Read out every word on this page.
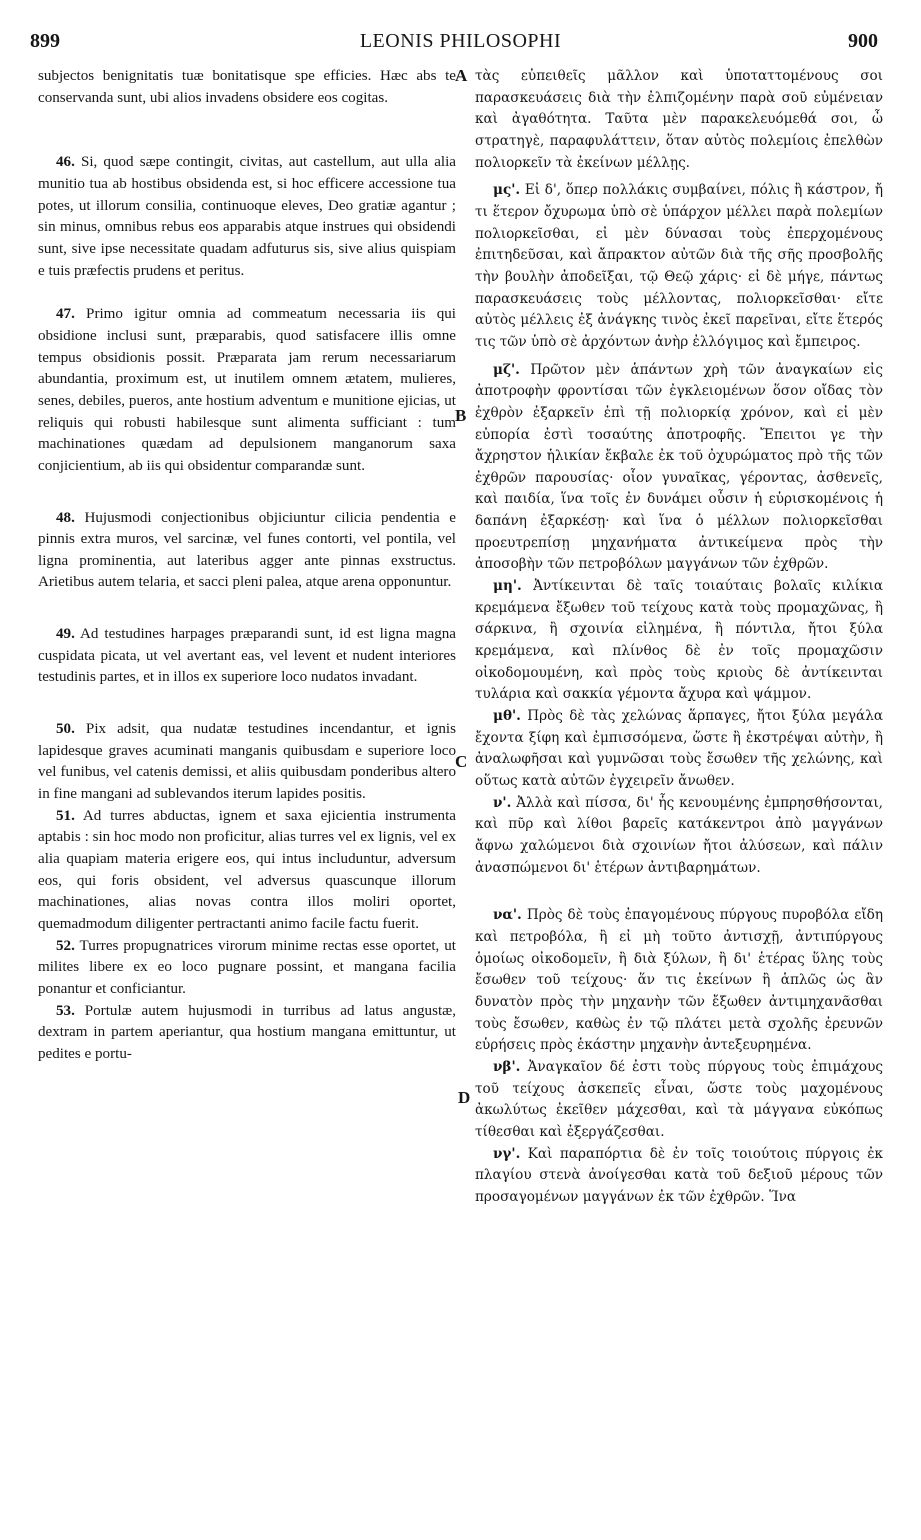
899	LEONIS PHILOSOPHI	900

subjectos benignitatis tuæ bonitatisque spe efficies. Hæc abs te conservanda sunt, ubi alios invadens obsidere eos cogitas.

46. Si, quod sæpe contingit, civitas, aut castellum, aut ulla alia munitio tua ab hostibus obsidenda est, si hoc efficere accessione tua potes, ut illorum consilia, continuoque eleves, Deo gratiæ agantur ; sin minus, omnibus rebus eos apparabis atque instrues qui obsidendi sunt, sive ipse necessitate quadam adfuturus sis, sive alius quispiam e tuis præfectis prudens et peritus.

47. Primo igitur omnia ad commeatum necessaria iis qui obsidione inclusi sunt, præparabis, quod satisfacere illis omne tempus obsidionis possit. Præparata jam rerum necessariarum abundantia, proximum est, ut inutilem omnem ætatem, mulieres, senes, debiles, pueros, ante hostium adventum e munitione ejicias, ut reliquis qui robusti habilesque sunt alimenta sufficiant : tum machinationes quædam ad depulsionem manganorum saxa conjicientium, ab iis qui obsidentur comparandæ sunt.

48. Hujusmodi conjectionibus objiciuntur cilicia pendentia e pinnis extra muros, vel sarcinæ, vel funes contorti, vel pontila, vel ligna prominentia, aut lateribus agger ante pinnas exstructus. Arietibus autem telaria, et sacci pleni palea, atque arena opponuntur.

49. Ad testudines harpages præparandi sunt, id est ligna magna cuspidata picata, ut vel avertant eas, vel levent et nudent interiores testudinis partes, et in illos ex superiore loco nudatos invadant.

50. Pix adsit, qua nudatæ testudines incendantur, et ignis lapidesque graves acuminati manganis quibusdam e superiore loco vel funibus, vel catenis demissi, et aliis quibusdam ponderibus altero in fine mangani ad sublevandos iterum lapides positis.

51. Ad turres abductas, ignem et saxa ejicientia instrumenta aptabis : sin hoc modo non proficitur, alias turres vel ex lignis, vel ex alia quapiam materia erigere eos, qui intus includuntur, adversum eos, qui foris obsident, vel adversus quascunque illorum machinationes, alias novas contra illos moliri oportet, quemadmodum diligenter pertractanti animo facile factu fuerit.

52. Turres propugnatrices virorum minime rectas esse oportet, ut milites libere ex eo loco pugnare possint, et mangana facilia ponantur et conficiantur.

53. Portulæ autem hujusmodi in turribus ad latus angustæ, dextram in partem aperiantur, qua hostium mangana emittuntur, ut pedites e portu-

A
B
C
D

τὰς εὐπειθεῖς μᾶλλον καὶ ὑποταττομένους σοι παρασκευάσεις διὰ τὴν ἐλπιζομένην παρὰ σοῦ εὐμένειαν καὶ ἀγαθότητα. Ταῦτα μὲν παρακελευόμεθά σοι, ὦ στρατηγὲ, παραφυλάττειν, ὅταν αὐτὸς πολεμίοις ἐπελθὼν πολιορκεῖν τὰ ἐκείνων μέλλῃς.

μς'. Εἰ δ', ὅπερ πολλάκις συμβαίνει, πόλις ἢ κάστρον, ἤ τι ἕτερον ὄχυρωμα ὑπὸ σὲ ὑπάρχον μέλλει παρὰ πολεμίων πολιορκεῖσθαι, εἰ μὲν δύνασαι τοὺς ἐπερχομένους ἐπιτηδεῦσαι, καὶ ἄπρακτον αὐτῶν διὰ τῆς σῆς προσβολῆς τὴν βουλὴν ἀποδεῖξαι, τῷ Θεῷ χάρις· εἰ δὲ μήγε, πάντως παρασκευάσεις τοὺς μέλλοντας, πολιορκεῖσθαι· εἴτε αὐτὸς μέλλεις ἐξ ἀνάγκης τινὸς ἐκεῖ παρεῖναι, εἴτε ἕτερός τις τῶν ὑπὸ σὲ ἀρχόντων ἀνὴρ ἐλλόγιμος καὶ ἔμπειρος.

μζ'. Πρῶτον μὲν ἁπάντων χρὴ τῶν ἀναγκαίων εἰς ἀποτροφὴν φροντίσαι τῶν ἐγκλειομένων ὅσον οἴδας τὸν ἐχθρὸν ἐξαρκεῖν ἐπὶ τῇ πολιορκίᾳ χρόνον, καὶ εἰ μὲν εὐπορία ἐστὶ τοσαύτης ἀποτροφῆς. Ἔπειτοι γε τὴν ἄχρηστον ἡλικίαν ἔκβαλε ἐκ τοῦ ὀχυρώματος πρὸ τῆς τῶν ἐχθρῶν παρουσίας· οἷον γυναῖκας, γέροντας, ἀσθενεῖς, καὶ παιδία, ἵνα τοῖς ἐν δυνάμει οὖσιν ἡ εὑρισκομένοις ἡ δαπάνη ἐξαρκέσῃ· καὶ ἵνα ὁ μέλλων πολιορκεῖσθαι προευτρεπίσῃ μηχανήματα ἀντικείμενα πρὸς τὴν ἀποσοβὴν τῶν πετροβόλων μαγγάνων τῶν ἐχθρῶν.

μη'. Ἀντίκεινται δὲ ταῖς τοιαύταις βολαῖς κιλίκια κρεμάμενα ἔξωθεν τοῦ τείχους κατὰ τοὺς προμαχῶνας, ἢ σάρκινα, ἢ σχοινία εἰλημένα, ἢ πόντιλα, ἤτοι ξύλα κρεμάμενα, καὶ πλίνθος δὲ ἐν τοῖς προμαχῶσιν οἰκοδομουμένη, καὶ πρὸς τοὺς κριοὺς δὲ ἀντίκεινται τυλάρια καὶ σακκία γέμοντα ἄχυρα καὶ ψάμμον.

μθ'. Πρὸς δὲ τὰς χελώνας ἅρπαγες, ἤτοι ξύλα μεγάλα ἔχοντα ξίφη καὶ ἐμπισσόμενα, ὥστε ἢ ἐκστρέψαι αὐτὴν, ἢ ἀναλωφῆσαι καὶ γυμνῶσαι τοὺς ἔσωθεν τῆς χελώνης, καὶ οὕτως κατὰ αὐτῶν ἐγχειρεῖν ἄνωθεν.

ν'. Ἀλλὰ καὶ πίσσα, δι' ἧς κενουμένης ἐμπρησθήσονται, καὶ πῦρ καὶ λίθοι βαρεῖς κατάκεντροι ἀπὸ μαγγάνων ἄφνω χαλώμενοι διὰ σχοινίων ἤτοι ἀλύσεων, καὶ πάλιν ἀνασπώμενοι δι' ἑτέρων ἀντιβαρημάτων.

να'. Πρὸς δὲ τοὺς ἐπαγομένους πύργους πυροβόλα εἴδη καὶ πετροβόλα, ἢ εἰ μὴ τοῦτο ἀντισχῇ, ἀντιπύργους ὁμοίως οἰκοδομεῖν, ἢ διὰ ξύλων, ἢ δι' ἑτέρας ὕλης τοὺς ἔσωθεν τοῦ τείχους· ἅν τις ἐκείνων ἢ ἁπλῶς ὡς ἂν δυνατὸν πρὸς τὴν μηχανὴν τῶν ἔξωθεν ἀντιμηχανᾶσθαι τοὺς ἔσωθεν, καθὼς ἐν τῷ πλάτει μετὰ σχολῆς ἐρευνῶν εὑρήσεις πρὸς ἑκάστην μηχανὴν ἀντεξευρημένα.

νβ'. Ἀναγκαῖον δέ ἐστι τοὺς πύργους τοὺς ἐπιμάχους τοῦ τείχους ἀσκεπεῖς εἶναι, ὥστε τοὺς μαχομένους ἀκωλύτως ἐκεῖθεν μάχεσθαι, καὶ τὰ μάγγανα εὐκόπως τίθεσθαι καὶ ἐξεργάζεσθαι.

νγ'. Καὶ παραπόρτια δὲ ἐν τοῖς τοιούτοις πύργοις ἐκ πλαγίου στενὰ ἀνοίγεσθαι κατὰ τοῦ δεξιοῦ μέρους τῶν προσαγομένων μαγγάνων ἐκ τῶν ἐχθρῶν. Ἵνα
